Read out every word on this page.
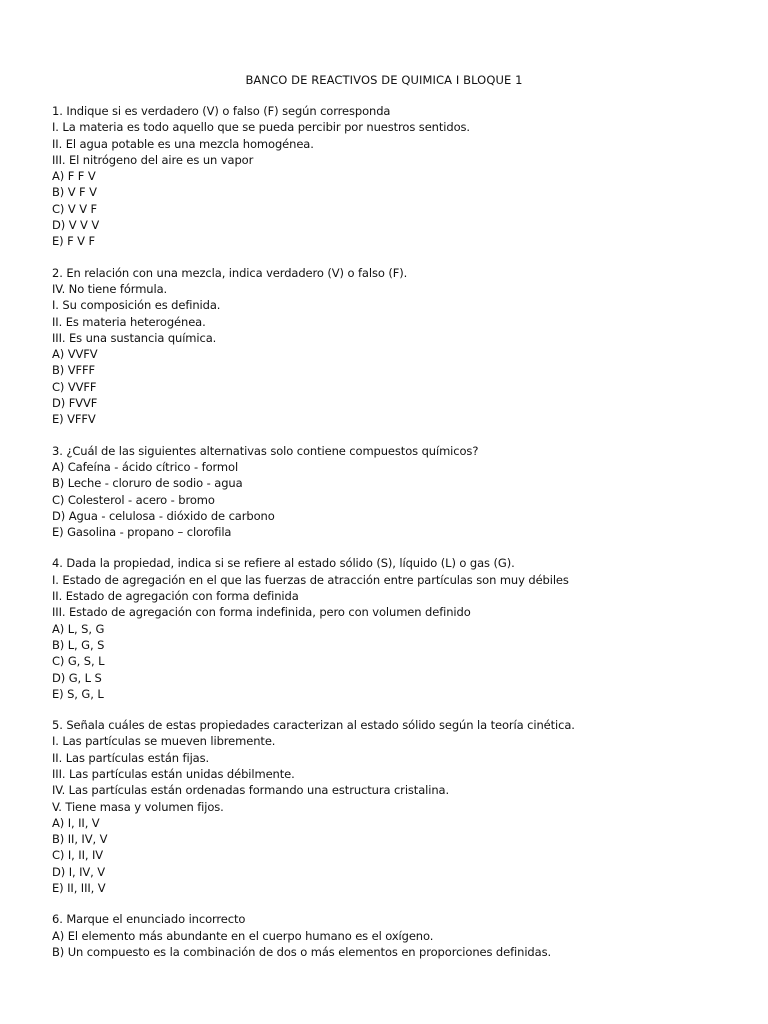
BANCO DE REACTIVOS DE QUIMICA I BLOQUE 1
1. Indique si es verdadero (V) o falso (F) según corresponda
I. La materia es todo aquello que se pueda percibir por nuestros sentidos.
II. El agua potable es una mezcla homogénea.
III. El nitrógeno del aire es un vapor
A) F F V
B) V F V
C) V V F
D) V V V
E) F V F
2. En relación con una mezcla, indica verdadero (V) o falso (F).
IV. No tiene fórmula.
I. Su composición es definida.
II. Es materia heterogénea.
III. Es una sustancia química.
A) VVFV
B) VFFF
C) VVFF
D) FVVF
E) VFFV
3. ¿Cuál de las siguientes alternativas solo contiene compuestos químicos?
A) Cafeína - ácido cítrico - formol
B) Leche - cloruro de sodio - agua
C) Colesterol - acero - bromo
D) Agua - celulosa - dióxido de carbono
E) Gasolina - propano – clorofila
4. Dada la propiedad, indica si se refiere al estado sólido (S), líquido (L) o gas (G).
I. Estado de agregación en el que las fuerzas de atracción entre partículas son muy débiles
II. Estado de agregación con forma definida
III. Estado de agregación con forma indefinida, pero con volumen definido
A) L, S, G
B) L, G, S
C) G, S, L
D) G, L S
E) S, G, L
5. Señala cuáles de estas propiedades caracterizan al estado sólido según la teoría cinética.
I. Las partículas se mueven libremente.
II. Las partículas están fijas.
III. Las partículas están unidas débilmente.
IV. Las partículas están ordenadas formando una estructura cristalina.
V. Tiene masa y volumen fijos.
A) I, II, V
B) II, IV, V
C) I, II, IV
D) I, IV, V
E) II, III, V
6. Marque el enunciado incorrecto
A) El elemento más abundante en el cuerpo humano es el oxígeno.
B) Un compuesto es la combinación de dos o más elementos en proporciones definidas.
